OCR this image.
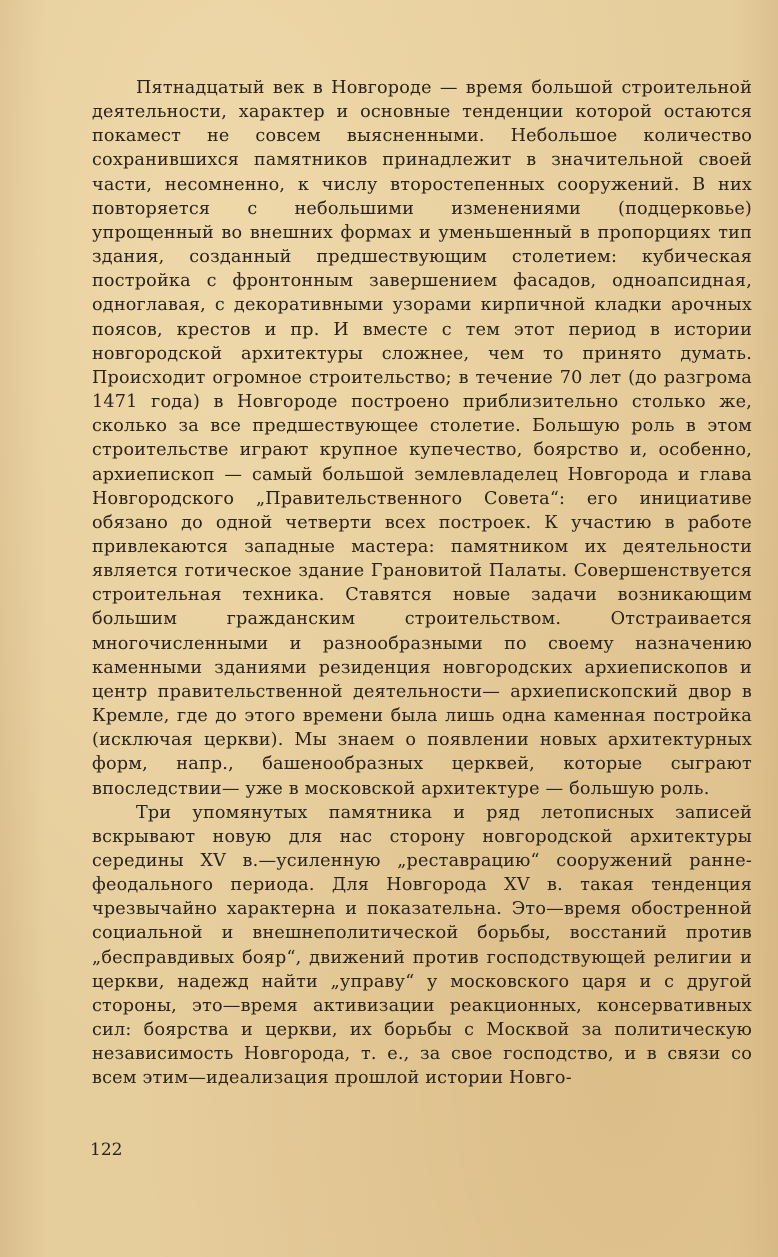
Пятнадцатый век в Новгороде — время большой строительной деятельности, характер и основные тенденции которой остаются покамест не совсем выясненными. Небольшое количество сохранившихся памятников принадлежит в значительной своей части, несомненно, к числу второстепенных сооружений. В них повторяется с небольшими изменениями (подцерковье) упрощенный во внешних формах и уменьшенный в пропорциях тип здания, созданный предшествующим столетием: кубическая постройка с фронтонным завершением фасадов, одноапсидная, одноглавая, с декоративными узорами кирпичной кладки арочных поясов, крестов и пр. И вместе с тем этот период в истории новгородской архитектуры сложнее, чем то принято думать. Происходит огромное строительство; в течение 70 лет (до разгрома 1471 года) в Новгороде построено приблизительно столько же, сколько за все предшествующее столетие. Большую роль в этом строительстве играют крупное купечество, боярство и, особенно, архиепископ — самый большой землевладелец Новгорода и глава Новгородского „Правительственного Совета“: его инициативе обязано до одной четверти всех построек. К участию в работе привлекаются западные мастера: памятником их деятельности является готическое здание Грановитой Палаты. Совершенствуется строительная техника. Ставятся новые задачи возникающим большим гражданским строительством. Отстраивается многочисленными и разнообразными по своему назначению каменными зданиями резиденция новгородских архиепископов и центр правительственной деятельности— архиепископский двор в Кремле, где до этого времени была лишь одна каменная постройка (исключая церкви). Мы знаем о появлении новых архитектурных форм, напр., башенообразных церквей, которые сыграют впоследствии— уже в московской архитектуре — большую роль.

Три упомянутых памятника и ряд летописных записей вскрывают новую для нас сторону новгородской архитектуры середины XV в.—усиленную „реставрацию“ сооружений ранне-феодального периода. Для Новгорода XV в. такая тенденция чрезвычайно характерна и показательна. Это—время обостренной социальной и внешнеполитической борьбы, восстаний против „бесправдивых бояр“, движений против господствующей религии и церкви, надежд найти „управу“ у московского царя и с другой стороны, это—время активизации реакционных, консервативных сил: боярства и церкви, их борьбы с Москвой за политическую независимость Новгорода, т. е., за свое господство, и в связи со всем этим—идеализация прошлой истории Новго-

122
